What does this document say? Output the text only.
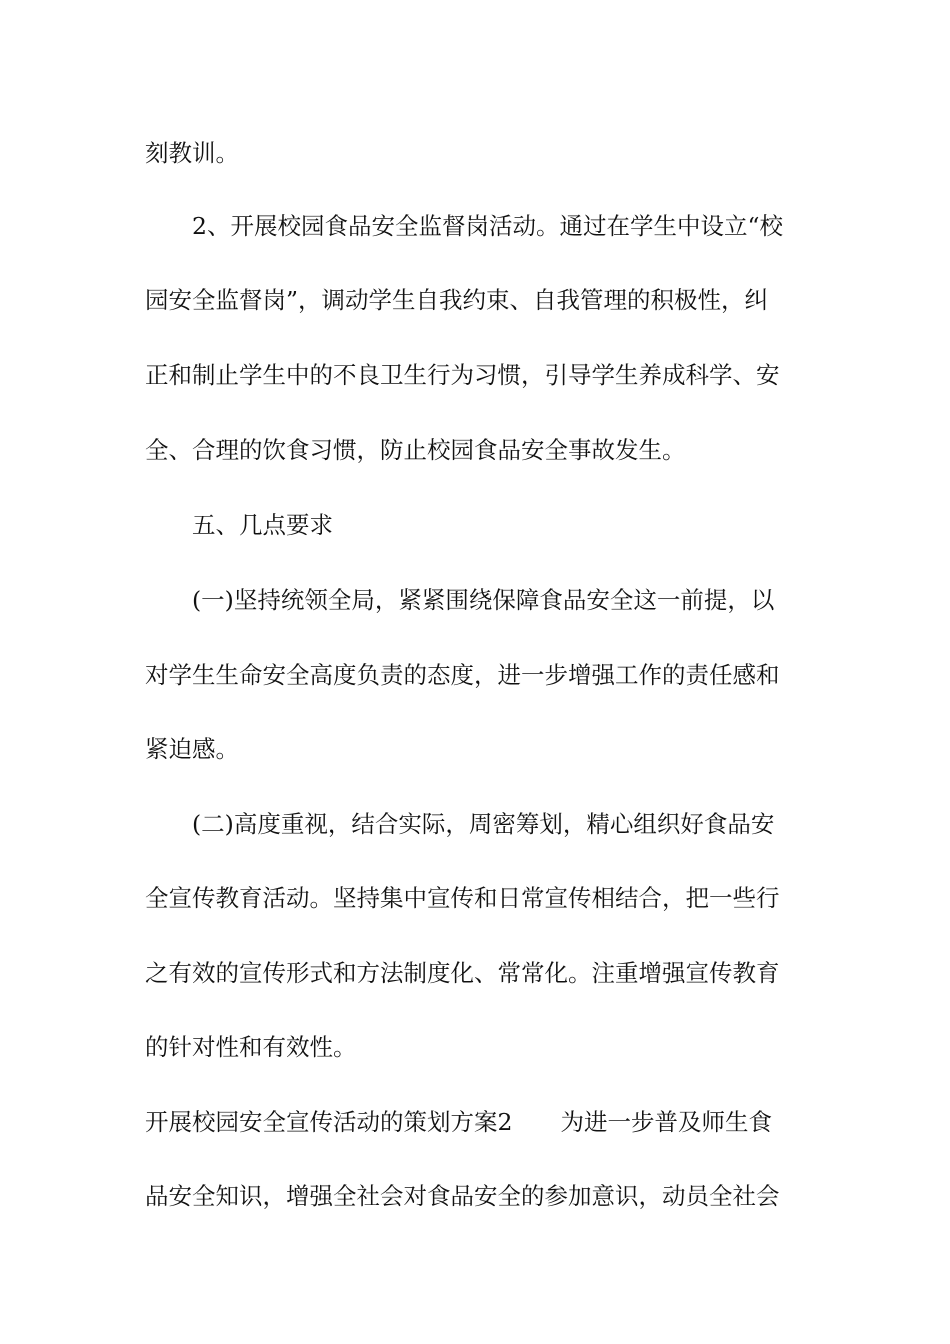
刻教训。
2、开展校园食品安全监督岗活动。通过在学生中设立“校
园安全监督岗”，调动学生自我约束、自我管理的积极性，纠
正和制止学生中的不良卫生行为习惯，引导学生养成科学、安
全、合理的饮食习惯，防止校园食品安全事故发生。
五、几点要求
(一)坚持统领全局，紧紧围绕保障食品安全这一前提，以
对学生生命安全高度负责的态度，进一步增强工作的责任感和
紧迫感。
(二)高度重视，结合实际，周密筹划，精心组织好食品安
全宣传教育活动。坚持集中宣传和日常宣传相结合，把一些行
之有效的宣传形式和方法制度化、常常化。注重增强宣传教育
的针对性和有效性。
开展校园安全宣传活动的策划方案2 为进一步普及师生食
品安全知识，增强全社会对食品安全的参加意识，动员全社会
